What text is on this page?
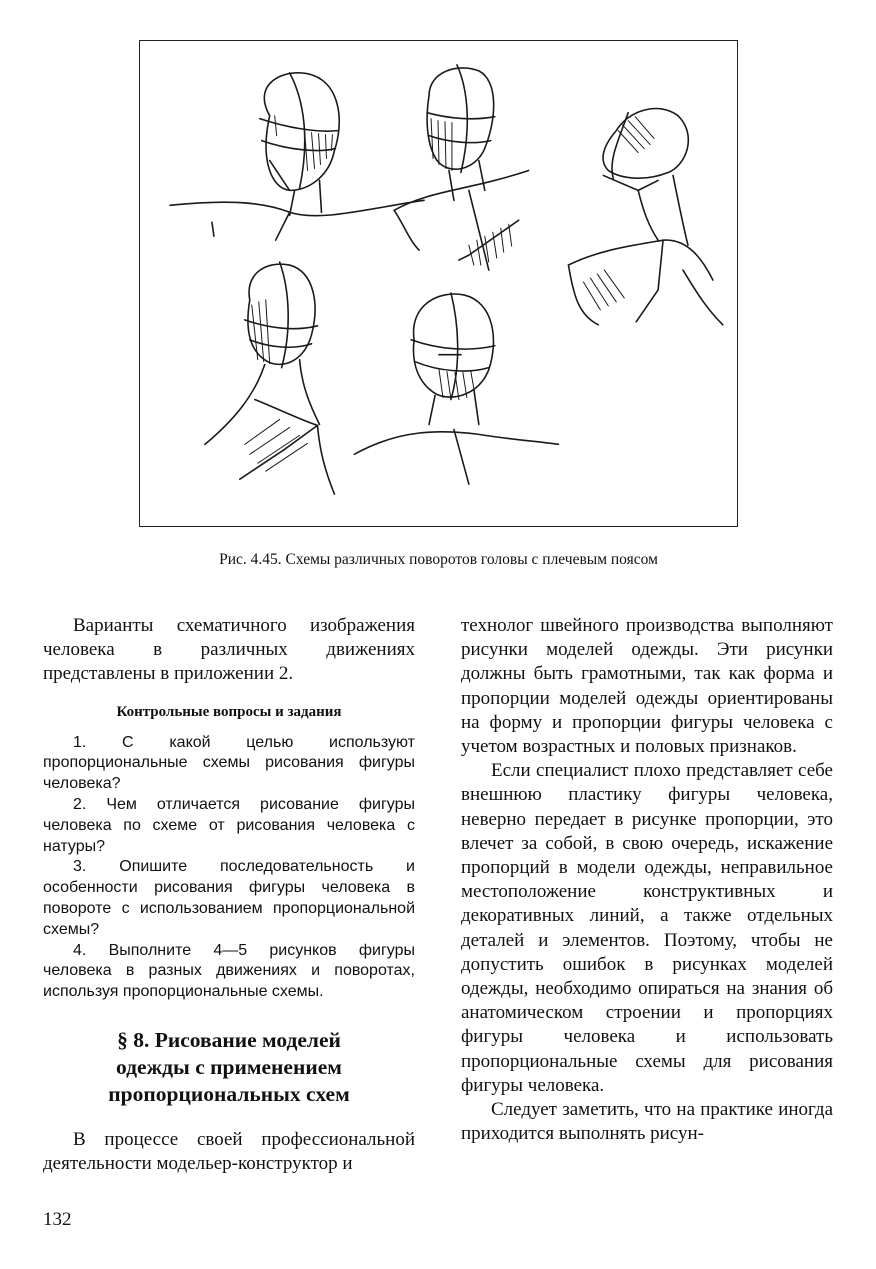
Рис. 4.45. Схемы различных поворотов головы с плечевым поясом

Варианты схематичного изображения человека в различных движениях представлены в приложении 2.

Контрольные вопросы и задания

1. С какой целью используют пропорциональные схемы рисования фигуры человека?

2. Чем отличается рисование фигуры человека по схеме от рисования человека с натуры?

3. Опишите последовательность и особенности рисования фигуры человека в повороте с использованием пропорциональной схемы?

4. Выполните 4—5 рисунков фигуры человека в разных движениях и поворотах, используя пропорциональные схемы.

§ 8. Рисование моделей
одежды с применением
пропорциональных схем

В процессе своей профессиональной деятельности модельер-конструктор и

технолог швейного производства выполняют рисунки моделей одежды. Эти рисунки должны быть грамотными, так как форма и пропорции моделей одежды ориентированы на форму и пропорции фигуры человека с учетом возрастных и половых признаков.

Если специалист плохо представляет себе внешнюю пластику фигуры человека, неверно передает в рисунке пропорции, это влечет за собой, в свою очередь, искажение пропорций в модели одежды, неправильное местоположение конструктивных и декоративных линий, а также отдельных деталей и элементов. Поэтому, чтобы не допустить ошибок в рисунках моделей одежды, необходимо опираться на знания об анатомическом строении и пропорциях фигуры человека и использовать пропорциональные схемы для рисования фигуры человека.

Следует заметить, что на практике иногда приходится выполнять рисун-

132
